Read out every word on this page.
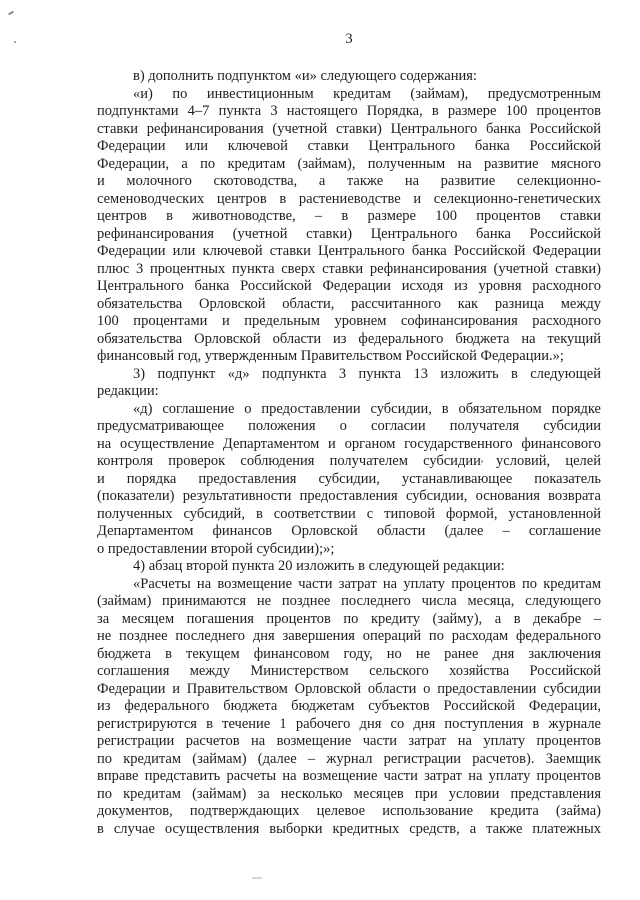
3
в) дополнить подпунктом «и» следующего содержания:
«и) по инвестиционным кредитам (займам), предусмотренным
подпунктами 4–7 пункта 3 настоящего Порядка, в размере 100 процентов
ставки рефинансирования (учетной ставки) Центрального банка Российской
Федерации или ключевой ставки Центрального банка Российской
Федерации, а по кредитам (займам), полученным на развитие мясного
и молочного скотоводства, а также на развитие селекционно-
семеноводческих центров в растениеводстве и селекционно-генетических
центров в животноводстве, – в размере 100 процентов ставки
рефинансирования (учетной ставки) Центрального банка Российской
Федерации или ключевой ставки Центрального банка Российской Федерации
плюс 3 процентных пункта сверх ставки рефинансирования (учетной ставки)
Центрального банка Российской Федерации исходя из уровня расходного
обязательства Орловской области, рассчитанного как разница между
100 процентами и предельным уровнем софинансирования расходного
обязательства Орловской области из федерального бюджета на текущий
финансовый год, утвержденным Правительством Российской Федерации.»;
3) подпункт «д» подпункта 3 пункта 13 изложить в следующей
редакции:
«д) соглашение о предоставлении субсидии, в обязательном порядке
предусматривающее положения о согласии получателя субсидии
на осуществление Департаментом и органом государственного финансового
контроля проверок соблюдения получателем субсидии условий, целей
и порядка предоставления субсидии, устанавливающее показатель
(показатели) результативности предоставления субсидии, основания возврата
полученных субсидий, в соответствии с типовой формой, установленной
Департаментом финансов Орловской области (далее – соглашение
о предоставлении второй субсидии);»;
4) абзац второй пункта 20 изложить в следующей редакции:
«Расчеты на возмещение части затрат на уплату процентов по кредитам
(займам) принимаются не позднее последнего числа месяца, следующего
за месяцем погашения процентов по кредиту (займу), а в декабре –
не позднее последнего дня завершения операций по расходам федерального
бюджета в текущем финансовом году, но не ранее дня заключения
соглашения между Министерством сельского хозяйства Российской
Федерации и Правительством Орловской области о предоставлении субсидии
из федерального бюджета бюджетам субъектов Российской Федерации,
регистрируются в течение 1 рабочего дня со дня поступления в журнале
регистрации расчетов на возмещение части затрат на уплату процентов
по кредитам (займам) (далее – журнал регистрации расчетов). Заемщик
вправе представить расчеты на возмещение части затрат на уплату процентов
по кредитам (займам) за несколько месяцев при условии представления
документов, подтверждающих целевое использование кредита (займа)
в случае осуществления выборки кредитных средств, а также платежных
